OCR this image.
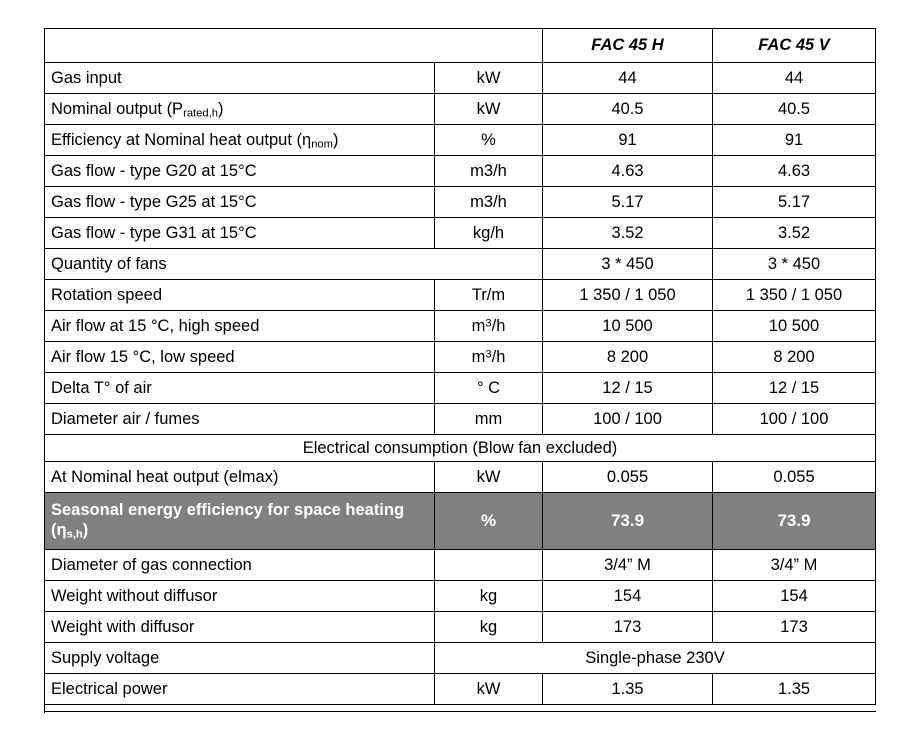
		FAC 45 H	FAC 45 V
Gas input	kW	44	44
Nominal output $(P_{rated,h})$	kW	40.5	40.5
Efficiency at Nominal heat output $(\eta_{nom})$	%	91	91
Gas flow - type G20 at 15°C	m3/h	4.63	4.63
Gas flow - type G25 at 15°C	m3/h	5.17	5.17
Gas flow - type G31 at 15°C	kg/h	3.52	3.52
Quantity of fans		3 * 450	3 * 450
Rotation speed	Tr/m	1 350 / 1 050	1 350 / 1 050
Air flow at 15 °C, high speed	$m^3/h$	10 500	10 500
Air flow 15 °C, low speed	$m^3/h$	8 200	8 200
Delta T° of air	° C	12 / 15	12 / 15
Diameter air / fumes	mm	100 / 100	100 / 100
Electrical consumption (Blow fan excluded)			
At Nominal heat output (elmax)	kW	0.055	0.055
Seasonal energy efficiency for space heating $(\eta_{s,h})$	%	73.9	73.9
Diameter of gas connection		3/4” M	3/4” M
Weight without diffusor	kg	154	154
Weight with diffusor	kg	173	173
Supply voltage	Single-phase 230V		
Electrical power	kW	1.35	1.35
